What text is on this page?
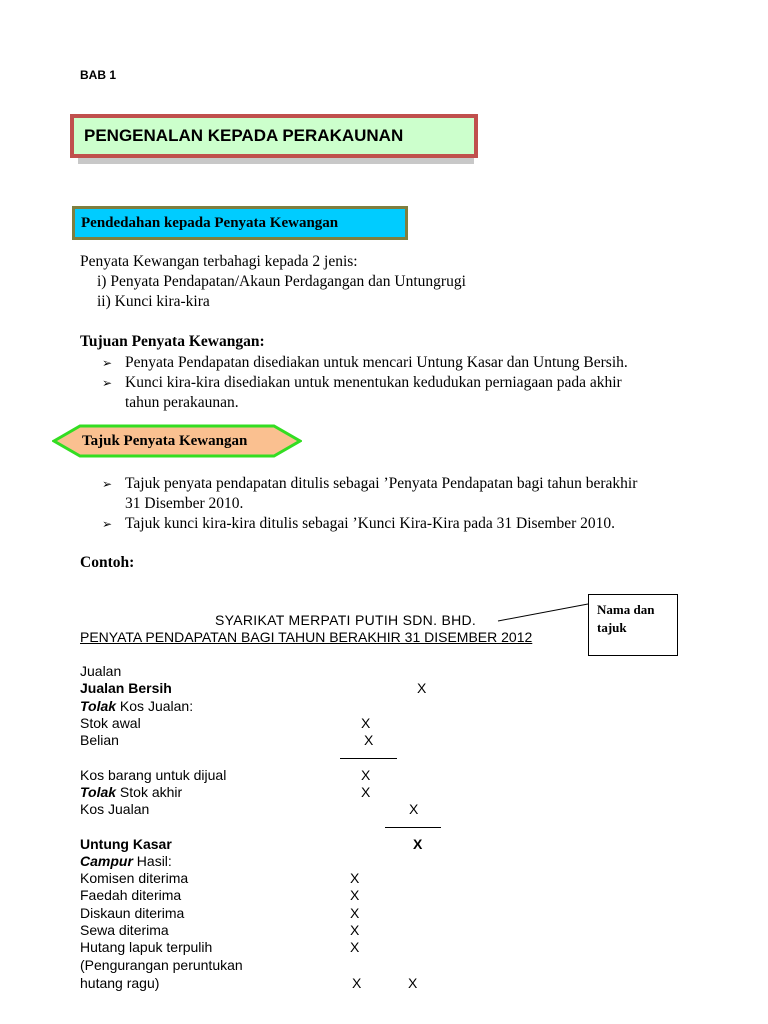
BAB 1
PENGENALAN KEPADA PERAKAUNAN
Pendedahan kepada Penyata Kewangan
Penyata Kewangan terbahagi kepada 2 jenis:
i) Penyata Pendapatan/Akaun Perdagangan dan Untungrugi
ii) Kunci kira-kira
Tujuan Penyata Kewangan:
➢ Penyata Pendapatan disediakan untuk mencari Untung Kasar dan Untung Bersih.
➢ Kunci kira-kira disediakan untuk menentukan kedudukan perniagaan pada akhir
tahun perakaunan.
Tajuk Penyata Kewangan
➢ Tajuk penyata pendapatan ditulis sebagai ’Penyata Pendapatan bagi tahun berakhir
31 Disember 2010.
➢ Tajuk kunci kira-kira ditulis sebagai ’Kunci Kira-Kira pada 31 Disember 2010.
Contoh:
Nama dan
tajuk
SYARIKAT MERPATI PUTIH SDN. BHD.
PENYATA PENDAPATAN BAGI TAHUN BERAKHIR 31 DISEMBER 2012
Jualan
Jualan Bersih	X
Tolak Kos Jualan:
Stok awal	X
Belian	X
Kos barang untuk dijual	X
Tolak Stok akhir	X
Kos Jualan	X
Untung Kasar	X
Campur Hasil:
Komisen diterima	X
Faedah diterima	X
Diskaun diterima	X
Sewa diterima	X
Hutang lapuk terpulih	X
(Pengurangan peruntukan
hutang ragu)	X	X
